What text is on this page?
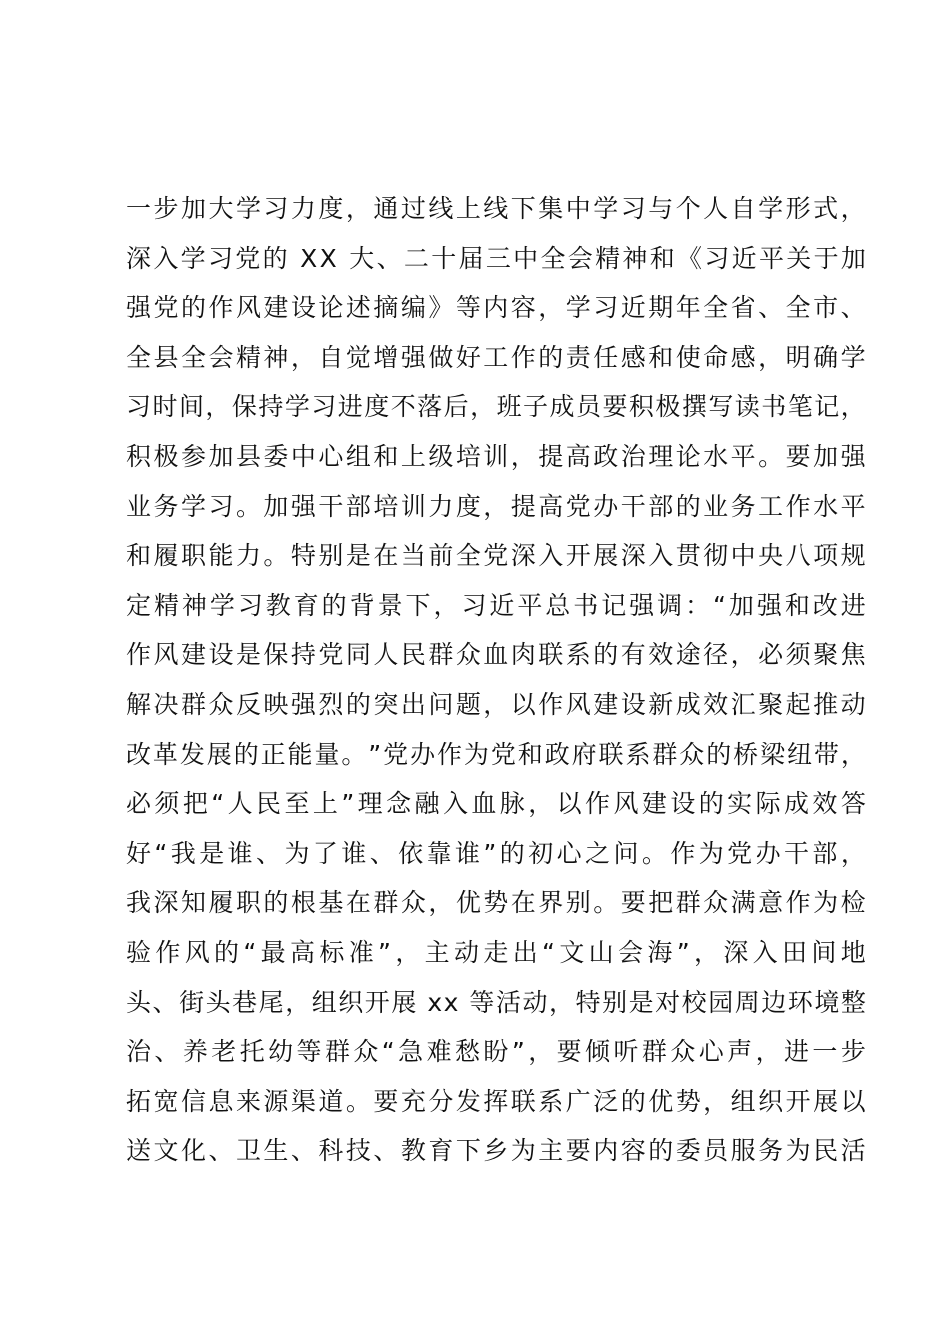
一 步 加 大 学 习 力 度 ， 通 过 线 上 线 下 集 中 学 习 与 个 人 自 学 形 式 ，
深 入 学 习 党 的
X X
大 、 二 十 届 三 中 全 会 精 神 和 《 习 近 平 关 于 加
强 党 的 作 风 建 设 论 述 摘 编 》 等 内 容 ， 学 习 近 期 年 全 省 、 全 市 、
全 县 全 会 精 神 ， 自 觉 增 强 做 好 工 作 的 责 任 感 和 使 命 感 ， 明 确 学
习 时 间 ， 保 持 学 习 进 度 不 落 后 ， 班 子 成 员 要 积 极 撰 写 读 书 笔 记 ，
积 极 参 加 县 委 中 心 组 和 上 级 培 训 ， 提 高 政 治 理 论 水 平 。 要 加 强
业 务 学 习 。 加 强 干 部 培 训 力 度 ， 提 高 党 办 干 部 的 业 务 工 作 水 平
和 履 职 能 力 。 特 别 是 在 当 前 全 党 深 入 开 展 深 入 贯 彻 中 央 八 项 规
定 精 神 学 习 教 育 的 背 景 下 ， 习 近 平 总 书 记 强 调 ： “ 加 强 和 改 进
作 风 建 设 是 保 持 党 同 人 民 群 众 血 肉 联 系 的 有 效 途 径 ， 必 须 聚 焦
解 决 群 众 反 映 强 烈 的 突 出 问 题 ， 以 作 风 建 设 新 成 效 汇 聚 起 推 动
改 革 发 展 的 正 能 量 。 ” 党 办 作 为 党 和 政 府 联 系 群 众 的 桥 梁 纽 带 ，
必 须 把 “ 人 民 至 上 ” 理 念 融 入 血 脉 ， 以 作 风 建 设 的 实 际 成 效 答
好 “ 我 是 谁 、 为 了 谁 、 依 靠 谁 ” 的 初 心 之 问 。 作 为 党 办 干 部 ，
我 深 知 履 职 的 根 基 在 群 众 ， 优 势 在 界 别 。 要 把 群 众 满 意 作 为 检
验 作 风 的 “ 最 高 标 准 ” ， 主 动 走 出 “ 文 山 会 海 ” ， 深 入 田 间 地
头 、 街 头 巷 尾 ， 组 织 开 展
x x
等 活 动 ， 特 别 是 对 校 园 周 边 环 境 整
治 、 养 老 托 幼 等 群 众 “ 急 难 愁 盼 ” ， 要 倾 听 群 众 心 声 ， 进 一 步
拓 宽 信 息 来 源 渠 道 。 要 充 分 发 挥 联 系 广 泛 的 优 势 ， 组 织 开 展 以
送 文 化 、 卫 生 、 科 技 、 教 育 下 乡 为 主 要 内 容 的 委 员 服 务 为 民 活
